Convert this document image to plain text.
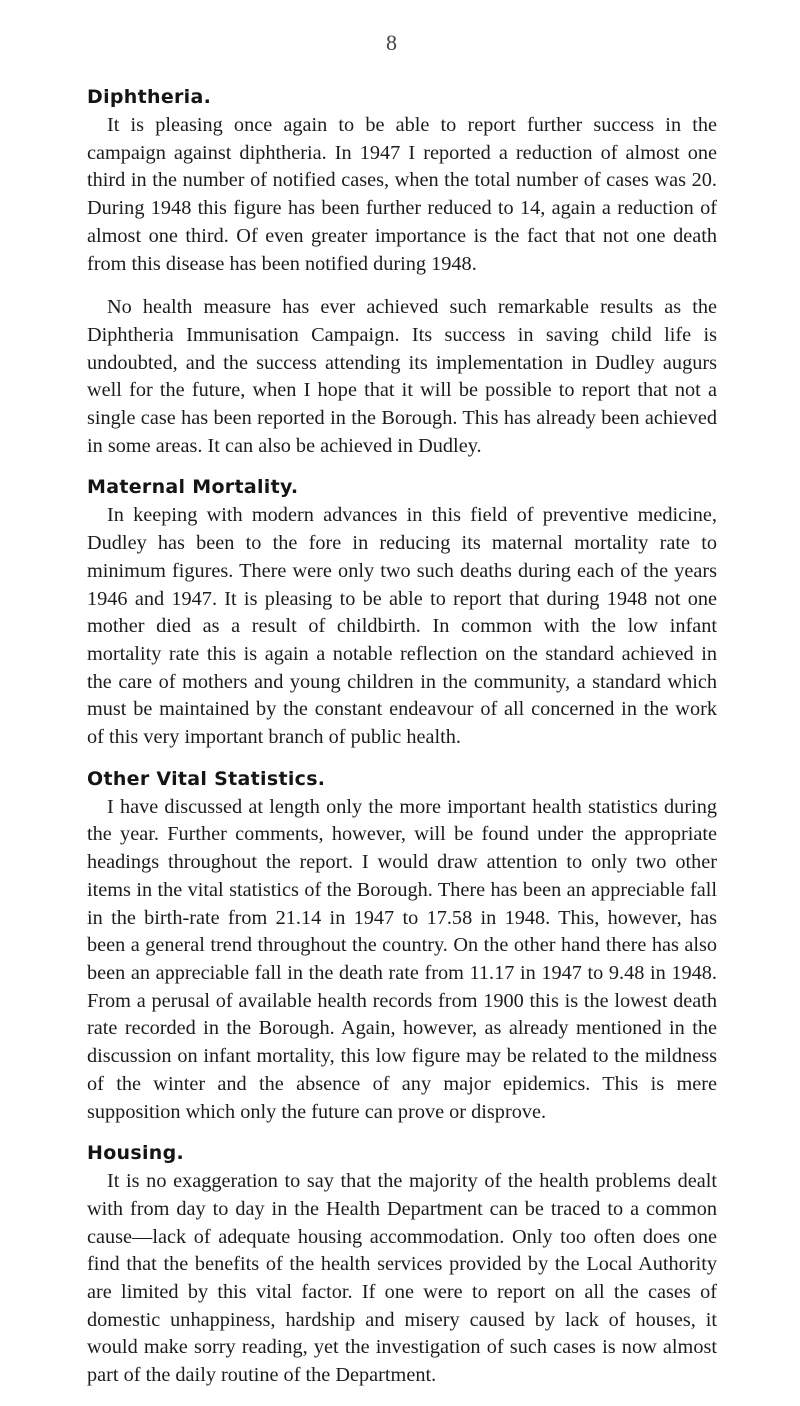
8
Diphtheria.

It is pleasing once again to be able to report further success in the campaign against diphtheria. In 1947 I reported a reduction of almost one third in the number of notified cases, when the total number of cases was 20. During 1948 this figure has been further reduced to 14, again a reduction of almost one third. Of even greater importance is the fact that not one death from this disease has been notified during 1948.

No health measure has ever achieved such remarkable results as the Diphtheria Immunisation Campaign. Its success in saving child life is undoubted, and the success attending its implementation in Dudley augurs well for the future, when I hope that it will be possible to report that not a single case has been reported in the Borough. This has already been achieved in some areas. It can also be achieved in Dudley.

Maternal Mortality.

In keeping with modern advances in this field of preventive medicine, Dudley has been to the fore in reducing its maternal mortality rate to minimum figures. There were only two such deaths during each of the years 1946 and 1947. It is pleasing to be able to report that during 1948 not one mother died as a result of childbirth. In common with the low infant mortality rate this is again a notable reflection on the standard achieved in the care of mothers and young children in the community, a standard which must be maintained by the constant endeavour of all concerned in the work of this very important branch of public health.

Other Vital Statistics.

I have discussed at length only the more important health statistics during the year. Further comments, however, will be found under the appropriate headings throughout the report. I would draw attention to only two other items in the vital statistics of the Borough. There has been an appreciable fall in the birth-rate from 21.14 in 1947 to 17.58 in 1948. This, however, has been a general trend throughout the country. On the other hand there has also been an appreciable fall in the death rate from 11.17 in 1947 to 9.48 in 1948. From a perusal of available health records from 1900 this is the lowest death rate recorded in the Borough. Again, however, as already mentioned in the discussion on infant mortality, this low figure may be related to the mildness of the winter and the absence of any major epidemics. This is mere supposition which only the future can prove or disprove.

Housing.

It is no exaggeration to say that the majority of the health problems dealt with from day to day in the Health Department can be traced to a common cause—lack of adequate housing accommodation. Only too often does one find that the benefits of the health services provided by the Local Authority are limited by this vital factor. If one were to report on all the cases of domestic unhappiness, hardship and misery caused by lack of houses, it would make sorry reading, yet the investigation of such cases is now almost part of the daily routine of the Department.
